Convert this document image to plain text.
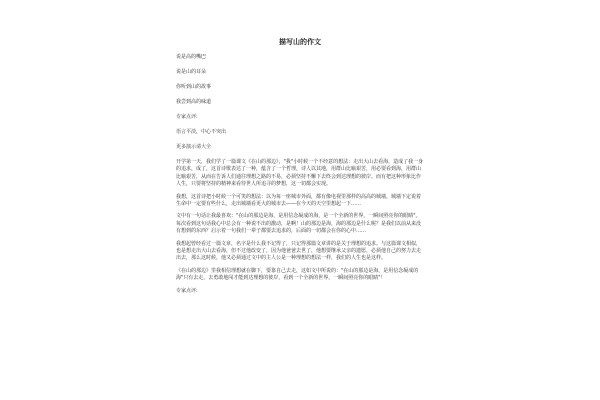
描写山的作文
说是高的嘴巴
说是山的耳朵
你听到山的故事
我尝到高的味道
专家点评:
语言平淡，中心不突出
更多演示请大全
开学第一天，我们学了一篇课文《在山的那边》，"我"小时候一个不经意的想法：走出大山去看海，造成了我一身的追求，成了，这首诗歌表达了一种，蕴含了一个哲理，诗人以其地，用群山比喻艰苦，用必要看到海，用群山比喻艰苦，从而在告诉人们通往理想之路的不易，必须坚持不懈下去终会到达理想的彼岸。而有把这种形象比作人生，只要将坚持的精神来看待世人所追寻的梦想，这一切都会实现。
我想，这首诗把小时候一个可笑的想法：以为每一座城市外面，都有像电视里那样的高高的城墙，城墙下定说着生命中一定要有些什么，走出城墙看更大的城市去——在今天的天空里想起一下……
文中有一句话让我最喜欢："在山的那边是海，是用信念凝成的海，是一个全新的世界，一瞬间照亮你的眼睛"。每次看到这句话我心中总会有一种说不出的激动，是啊！山的那边是海，海的那边是什么呢？是我们以前从来没有想到的东西？启示着一句我们一辈子都要去追求的，后面的一切都会在你的心中……
我想起曾经看过一篇文章，名字是什么我不记得了，只记得那篇文章讲的是关于理想的追求。与这篇课文相似，也是想走出大山去看海，但不过他改变了，因为他爸爸去世了，他想要继承父亲的遗愿，必须他自己的努力去走出去，那么这时候，他又必须通过文中的主人公是一种理想的想法一样，我们的人生也是这样。
《在山的那边》里我相信理想就在脚下，要靠自己去走，这如文中所说的："在山的那边是海，是用信念凝成的海"只有去走，去勇敢地闯才能到达理想的彼岸，看到一个全新的世界，一瞬间照亮你的眼睛"！
专家点评:
